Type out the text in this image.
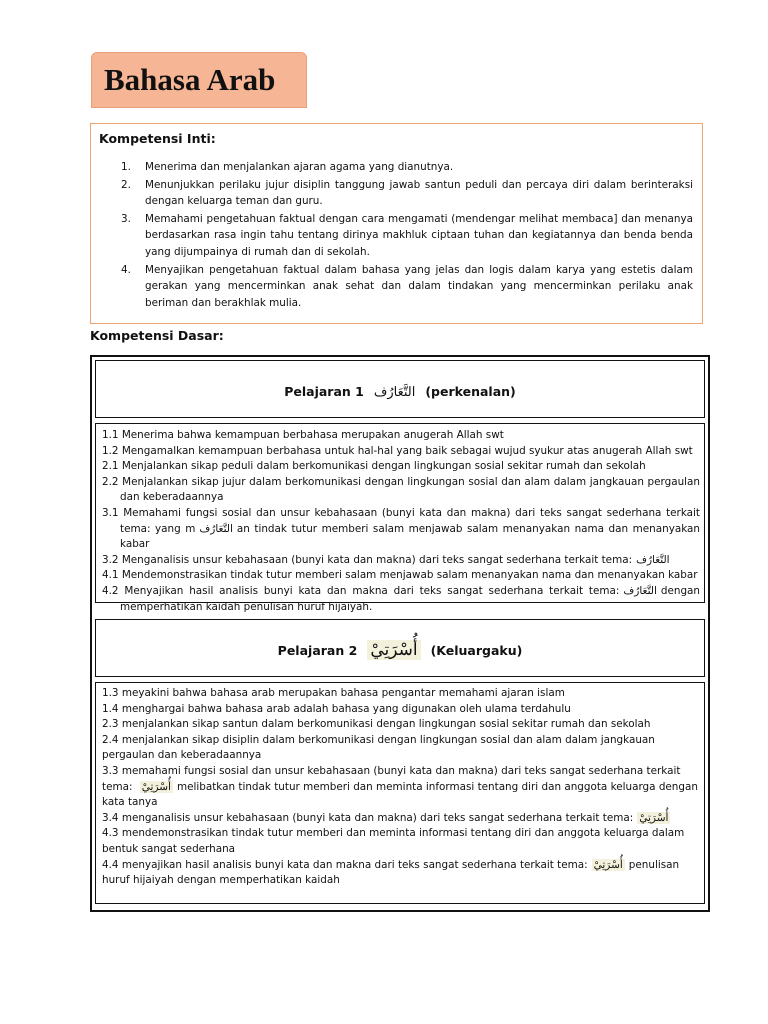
Bahasa Arab
Kompetensi Inti:
1. Menerima dan menjalankan ajaran agama yang dianutnya.
2. Menunjukkan perilaku jujur disiplin tanggung jawab santun peduli dan percaya diri dalam berinteraksi dengan keluarga teman dan guru.
3. Memahami pengetahuan faktual dengan cara mengamati (mendengar melihat membaca] dan menanya berdasarkan rasa ingin tahu tentang dirinya makhluk ciptaan tuhan dan kegiatannya dan benda benda yang dijumpainya di rumah dan di sekolah.
4. Menyajikan pengetahuan faktual dalam bahasa yang jelas dan logis dalam karya yang estetis dalam gerakan yang mencerminkan anak sehat dan dalam tindakan yang mencerminkan perilaku anak beriman dan berakhlak mulia.
Kompetensi Dasar:
Pelajaran 1 التَّعَارُف (perkenalan)
1.1 Menerima bahwa kemampuan berbahasa merupakan anugerah Allah swt
1.2 Mengamalkan kemampuan berbahasa untuk hal-hal yang baik sebagai wujud syukur atas anugerah Allah swt
2.1 Menjalankan sikap peduli dalam berkomunikasi dengan lingkungan sosial sekitar rumah dan sekolah
2.2 Menjalankan sikap jujur dalam berkomunikasi dengan lingkungan sosial dan alam dalam jangkauan pergaulan dan keberadaannya
3.1 Memahami fungsi sosial dan unsur kebahasaan (bunyi kata dan makna) dari teks sangat sederhana terkait tema: yang m التَّعَارُف an tindak tutur memberi salam menjawab salam menanyakan nama dan menanyakan kabar
3.2 Menganalisis unsur kebahasaan (bunyi kata dan makna) dari teks sangat sederhana terkait tema: التَّعَارُف
4.1 Mendemonstrasikan tindak tutur memberi salam menjawab salam menanyakan nama dan menanyakan kabar
4.2 Menyajikan hasil analisis bunyi kata dan makna dari teks sangat sederhana terkait tema: التَّعَارُف dengan memperhatikan kaidah penulisan huruf hijaiyah.
Pelajaran 2 أُسْرَتِيْ (Keluargaku)
1.3 meyakini bahwa bahasa arab merupakan bahasa pengantar memahami ajaran islam
1.4 menghargai bahwa bahasa arab adalah bahasa yang digunakan oleh ulama terdahulu
2.3 menjalankan sikap santun dalam berkomunikasi dengan lingkungan sosial sekitar rumah dan sekolah
2.4 menjalankan sikap disiplin dalam berkomunikasi dengan lingkungan sosial dan alam dalam jangkauan pergaulan dan keberadaannya
3.3 memahami fungsi sosial dan unsur kebahasaan (bunyi kata dan makna) dari teks sangat sederhana terkait tema: أُسْرَتِيْ melibatkan tindak tutur memberi dan meminta informasi tentang diri dan anggota keluarga dengan kata tanya
3.4 menganalisis unsur kebahasaan (bunyi kata dan makna) dari teks sangat sederhana terkait tema: أُسْرَتِيْ
4.3 mendemonstrasikan tindak tutur memberi dan meminta informasi tentang diri dan anggota keluarga dalam bentuk sangat sederhana
4.4 menyajikan hasil analisis bunyi kata dan makna dari teks sangat sederhana terkait tema: أُسْرَتِيْ penulisan huruf hijaiyah dengan memperhatikan kaidah
